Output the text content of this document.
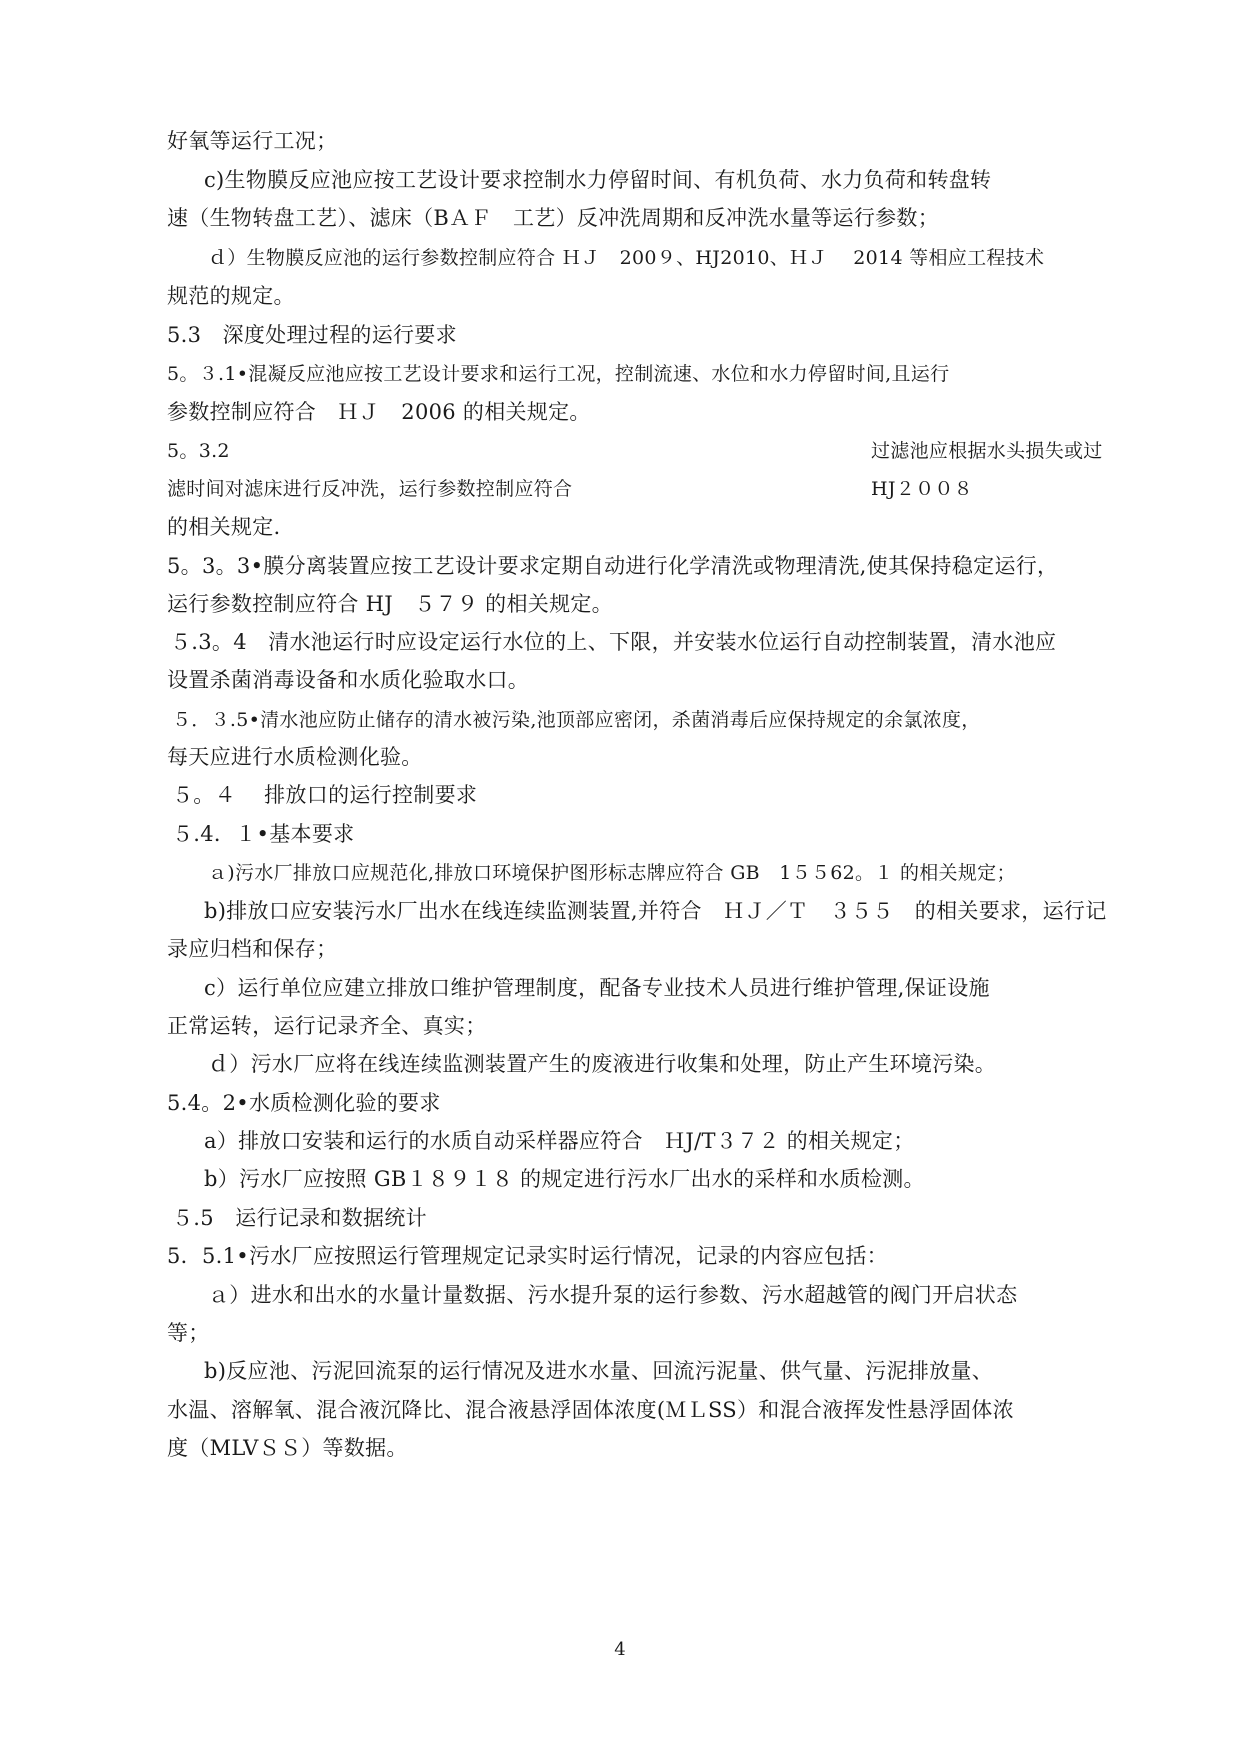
好氧等运行工况；
c)生物膜反应池应按工艺设计要求控制水力停留时间、有机负荷、水力负荷和转盘转
速（生物转盘工艺）、滤床（BＡＦ　工艺）反冲洗周期和反冲洗水量等运行参数；
ｄ）生物膜反应池的运行参数控制应符合 ＨＪ　200９、HJ2010、ＨＪ　 2014 等相应工程技术
规范的规定。
5.3　深度处理过程的运行要求
5。３.1•混凝反应池应按工艺设计要求和运行工况，控制流速、水位和水力停留时间,且运行
参数控制应符合　ＨＪ　2006 的相关规定。
5。3.2	过滤池应根据水头损失或过
滤时间对滤床进行反冲洗，运行参数控制应符合	HJ２００８
的相关规定.
5。3。3•膜分离装置应按工艺设计要求定期自动进行化学清洗或物理清洗,使其保持稳定运行，
运行参数控制应符合 HJ　５７９ 的相关规定。
５.3。4　清水池运行时应设定运行水位的上、下限，并安装水位运行自动控制装置，清水池应
设置杀菌消毒设备和水质化验取水口。
５．３.5•清水池应防止储存的清水被污染,池顶部应密闭，杀菌消毒后应保持规定的余氯浓度，
每天应进行水质检测化验。
５。４　 排放口的运行控制要求
５.4．１•基本要求
ａ)污水厂排放口应规范化,排放口环境保护图形标志牌应符合 GB　1５５62。１ 的相关规定；
b)排放口应安装污水厂出水在线连续监测装置,并符合　ＨＪ／Ｔ　３５５　的相关要求，运行记
录应归档和保存；
c）运行单位应建立排放口维护管理制度，配备专业技术人员进行维护管理,保证设施
正常运转，运行记录齐全、真实；
ｄ）污水厂应将在线连续监测装置产生的废液进行收集和处理，防止产生环境污染。
5.4。2•水质检测化验的要求
a）排放口安装和运行的水质自动采样器应符合　ＨJ/T３７２ 的相关规定；
b）污水厂应按照 GB１８９１８ 的规定进行污水厂出水的采样和水质检测。
５.5　运行记录和数据统计
5．5.1•污水厂应按照运行管理规定记录实时运行情况，记录的内容应包括：
ａ）进水和出水的水量计量数据、污水提升泵的运行参数、污水超越管的阀门开启状态
等；
b)反应池、污泥回流泵的运行情况及进水水量、回流污泥量、供气量、污泥排放量、
水温、溶解氧、混合液沉降比、混合液悬浮固体浓度(ＭＬSS）和混合液挥发性悬浮固体浓
度（MLVＳＳ）等数据。
4
